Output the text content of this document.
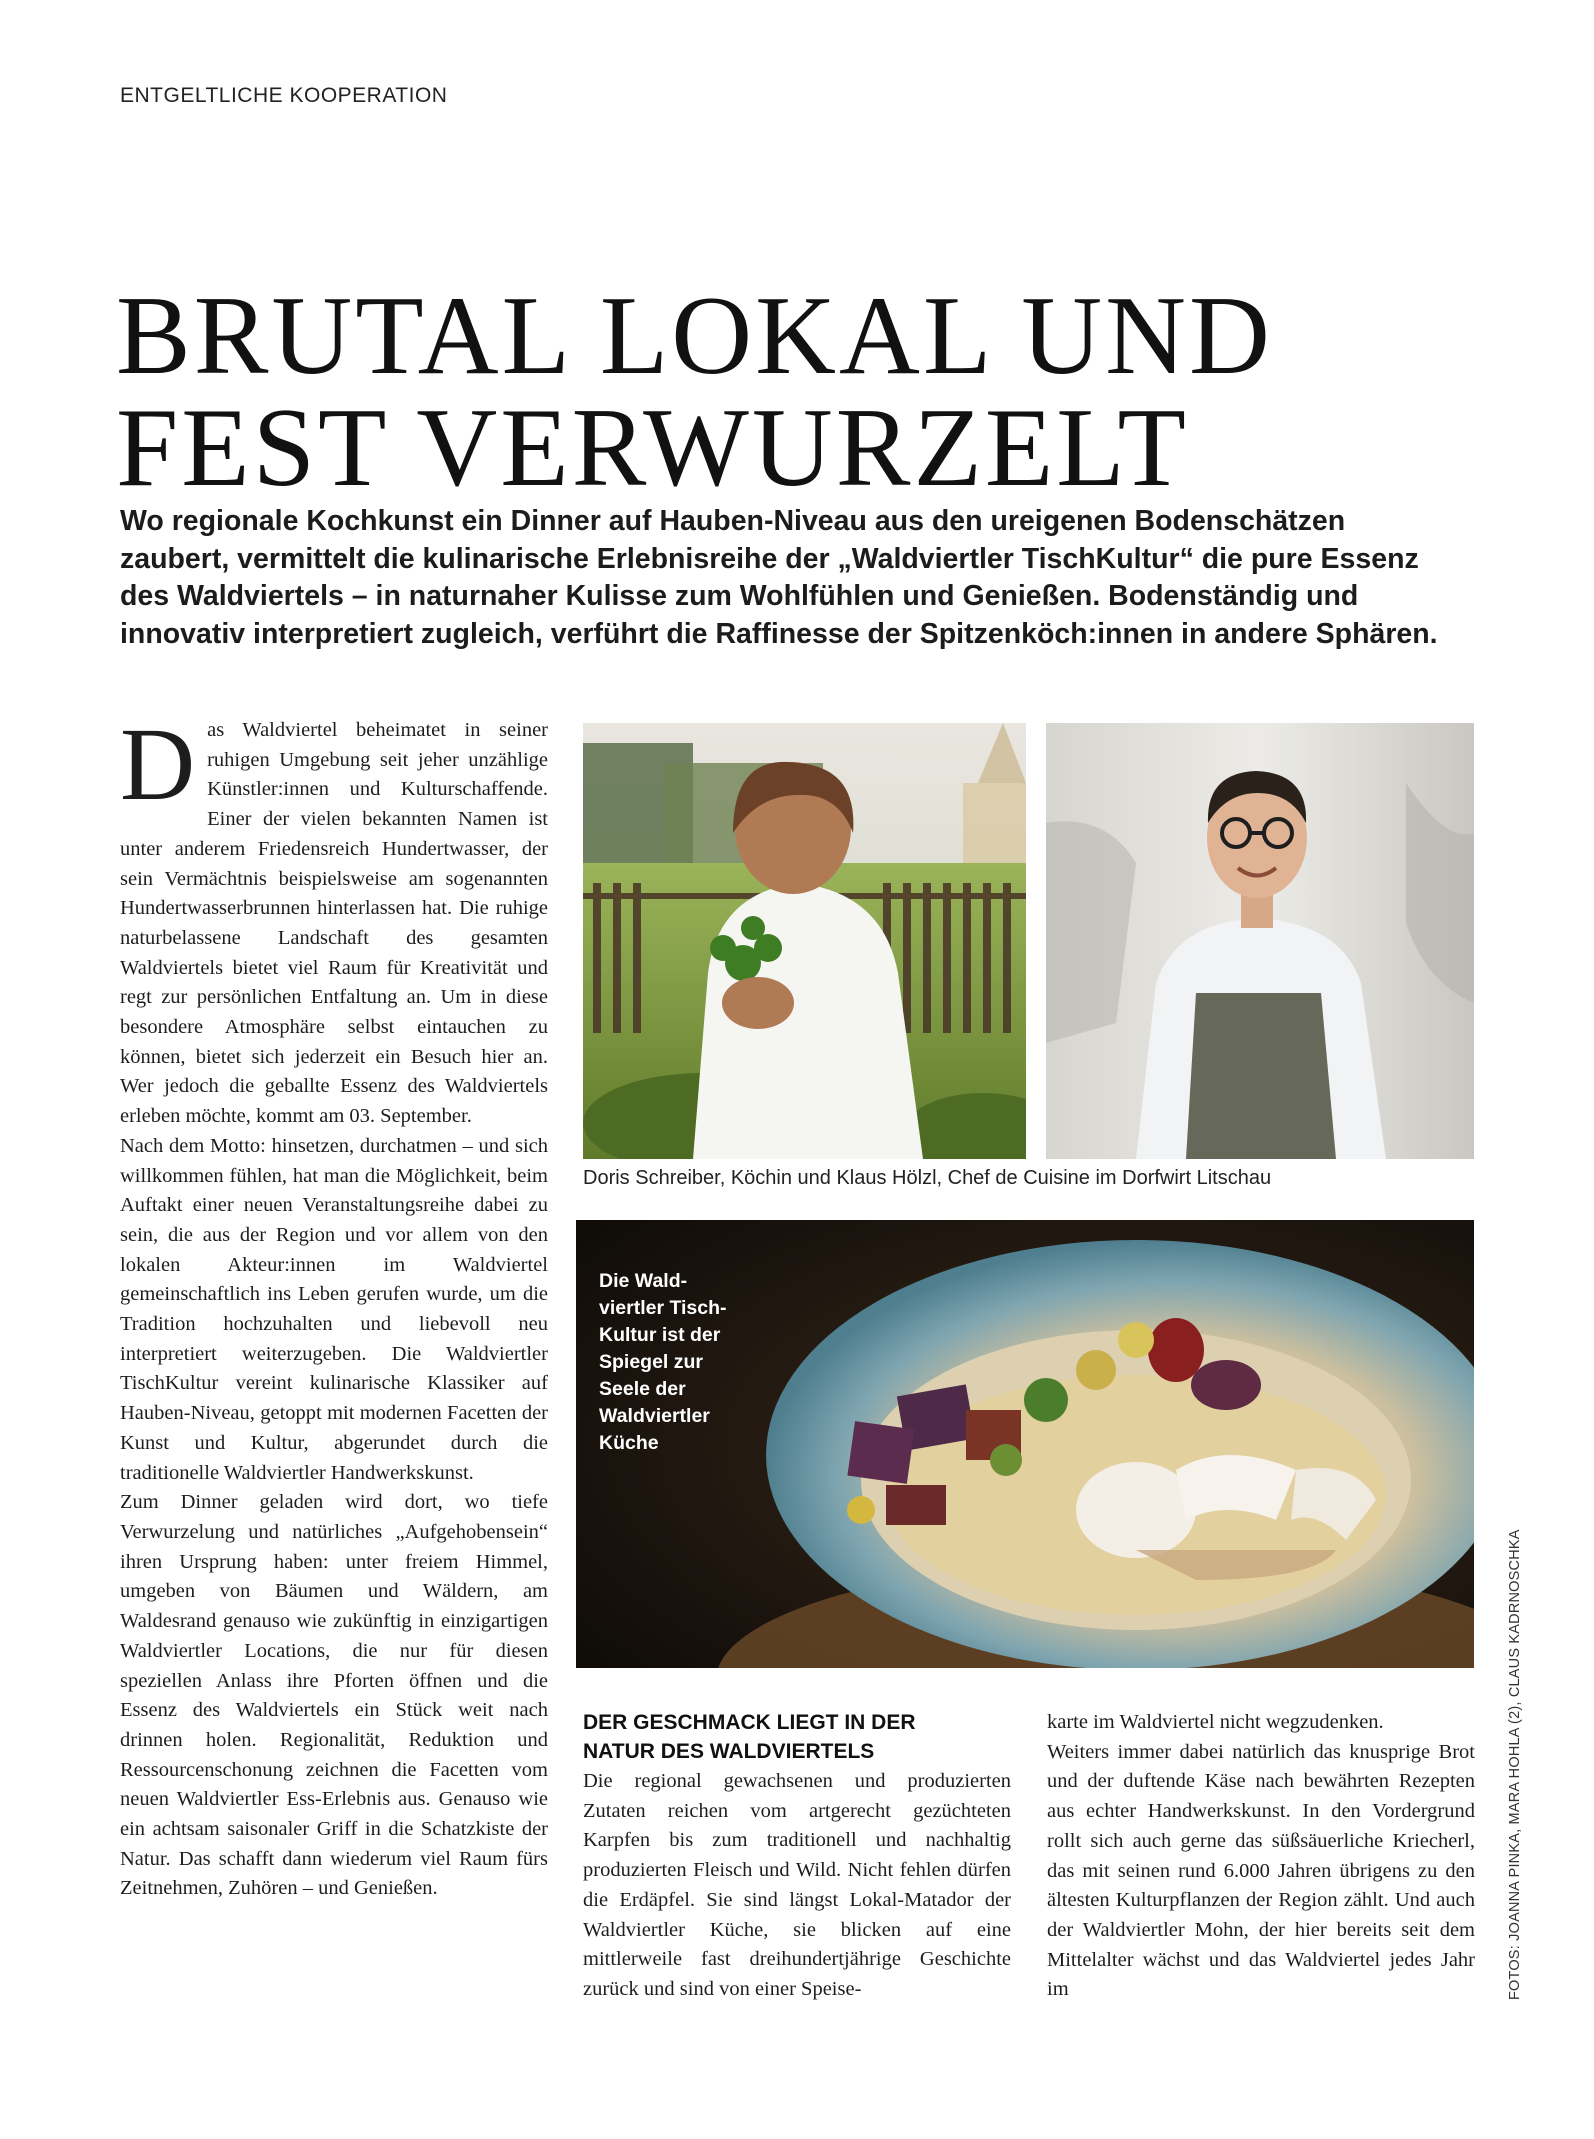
ENTGELTLICHE KOOPERATION
BRUTAL LOKAL UND
FEST VERWURZELT
Wo regionale Kochkunst ein Dinner auf Hauben-Niveau aus den ureigenen Bodenschätzen
zaubert, vermittelt die kulinarische Erlebnisreihe der „Waldviertler TischKultur“ die pure Essenz
des Waldviertels – in naturnaher Kulisse zum Wohlfühlen und Genießen. Bodenständig und
innovativ interpretiert zugleich, verführt die Raffinesse der Spitzenköch:innen in andere Sphären.
D as Waldviertel beheimatet in seiner ruhigen Umgebung seit jeher unzählige Künstler:innen und Kulturschaffende. Einer der vielen bekannten Namen ist unter anderem Friedensreich Hundertwasser, der sein Vermächtnis beispielsweise am sogenannten Hundertwasserbrunnen hinterlassen hat. Die ruhige naturbelassene Landschaft des gesamten Waldviertels bietet viel Raum für Kreativität und regt zur persönlichen Entfaltung an. Um in diese besondere Atmosphäre selbst eintauchen zu können, bietet sich jederzeit ein Besuch hier an. Wer jedoch die geballte Essenz des Waldviertels erleben möchte, kommt am 03. September.

Nach dem Motto: hinsetzen, durchatmen – und sich willkommen fühlen, hat man die Möglichkeit, beim Auftakt einer neuen Veranstaltungsreihe dabei zu sein, die aus der Region und vor allem von den lokalen Akteur:innen im Waldviertel gemeinschaftlich ins Leben gerufen wurde, um die Tradition hochzuhalten und liebevoll neu interpretiert weiterzugeben. Die Waldviertler TischKultur vereint kulinarische Klassiker auf Hauben-Niveau, getoppt mit modernen Facetten der Kunst und Kultur, abgerundet durch die traditionelle Waldviertler Handwerkskunst.

Zum Dinner geladen wird dort, wo tiefe Verwurzelung und natürliches „Aufgehobensein“ ihren Ursprung haben: unter freiem Himmel, umgeben von Bäumen und Wäldern, am Waldesrand genauso wie zukünftig in einzigartigen Waldviertler Locations, die nur für diesen speziellen Anlass ihre Pforten öffnen und die Essenz des Waldviertels ein Stück weit nach drinnen holen. Regionalität, Reduktion und Ressourcenschonung zeichnen die Facetten vom neuen Waldviertler Ess-Erlebnis aus. Genauso wie ein achtsam saisonaler Griff in die Schatzkiste der Natur. Das schafft dann wiederum viel Raum fürs Zeitnehmen, Zuhören – und Genießen.

Doris Schreiber, Köchin und Klaus Hölzl, Chef de Cuisine im Dorfwirt Litschau
Die Wald-
viertler Tisch-
Kultur ist der
Spiegel zur
Seele der
Waldviertler
Küche
DER GESCHMACK LIEGT IN DER
NATUR DES WALDVIERTELS

Die regional gewachsenen und produzierten Zutaten reichen vom artgerecht gezüchteten Karpfen bis zum traditionell und nachhaltig produzierten Fleisch und Wild. Nicht fehlen dürfen die Erdäpfel. Sie sind längst Lokal-Matador der Waldviertler Küche, sie blicken auf eine mittlerweile fast dreihundertjährige Geschichte zurück und sind von einer Speise-

karte im Waldviertel nicht wegzudenken.

Weiters immer dabei natürlich das knusprige Brot und der duftende Käse nach bewährten Rezepten aus echter Handwerkskunst. In den Vordergrund rollt sich auch gerne das süßsäuerliche Kriecherl, das mit seinen rund 6.000 Jahren übrigens zu den ältesten Kulturpflanzen der Region zählt. Und auch der Waldviertler Mohn, der hier bereits seit dem Mittelalter wächst und das Waldviertel jedes Jahr im	FOTOS: JOANNA PINKA, MARA HOHLA (2), CLAUS KADRNOSCHKA
